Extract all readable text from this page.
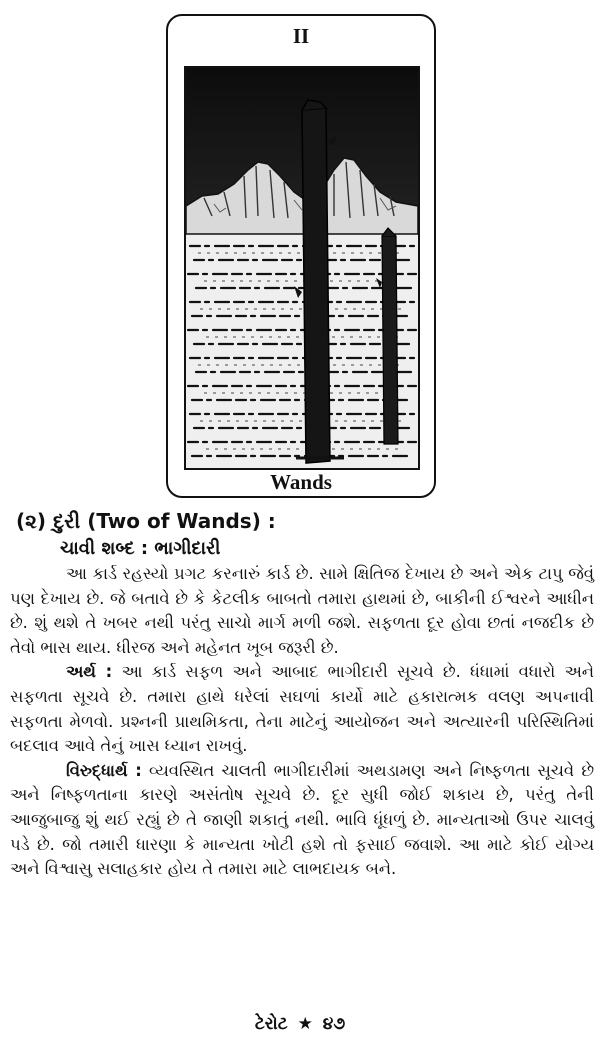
II
Wands
(૨) દુરી (Two of Wands) :
ચાવી શબ્દ : ભાગીદારી

આ કાર્ડ રહસ્યો પ્રગટ કરનારું કાર્ડ છે. સામે ક્ષિતિજ દેખાય છે અને એક ટાપુ જેવું પણ દેખાય છે. જે બતાવે છે કે કેટલીક બાબતો તમારા હાથમાં છે, બાકીની ઈશ્વરને આધીન છે. શું થશે તે ખબર નથી પરંતુ સાચો માર્ગ મળી જશે. સફળતા દૂર હોવા છતાં નજદીક છે તેવો ભાસ થાય. ધીરજ અને મહેનત ખૂબ જરૂરી છે.

અર્થ : આ કાર્ડ સફળ અને આબાદ ભાગીદારી સૂચવે છે. ધંધામાં વધારો અને સફળતા સૂચવે છે. તમારા હાથે ધરેલાં સઘળાં કાર્યો માટે હકારાત્મક વલણ અપનાવી સફળતા મેળવો. પ્રશ્નની પ્રાથમિકતા, તેના માટેનું આયોજન અને અત્યારની પરિસ્થિતિમાં બદલાવ આવે તેનું ખાસ ધ્યાન રાખવું.

વિરુદ્ધાર્થ : વ્યવસ્થિત ચાલતી ભાગીદારીમાં અથડામણ અને નિષ્ફળતા સૂચવે છે અને નિષ્ફળતાના કારણે અસંતોષ સૂચવે છે. દૂર સુધી જોઈ શકાય છે, પરંતુ તેની આજુબાજુ શું થઈ રહ્યું છે તે જાણી શકાતું નથી. ભાવિ ધૂંધળું છે. માન્યતાઓ ઉપર ચાલવું પડે છે. જો તમારી ધારણા કે માન્યતા ખોટી હશે તો ફસાઈ જવાશે. આ માટે કોઈ યોગ્ય અને વિશ્વાસુ સલાહકાર હોય તે તમારા માટે લાભદાયક બને.

ટેરોટ ★ ૪૭
